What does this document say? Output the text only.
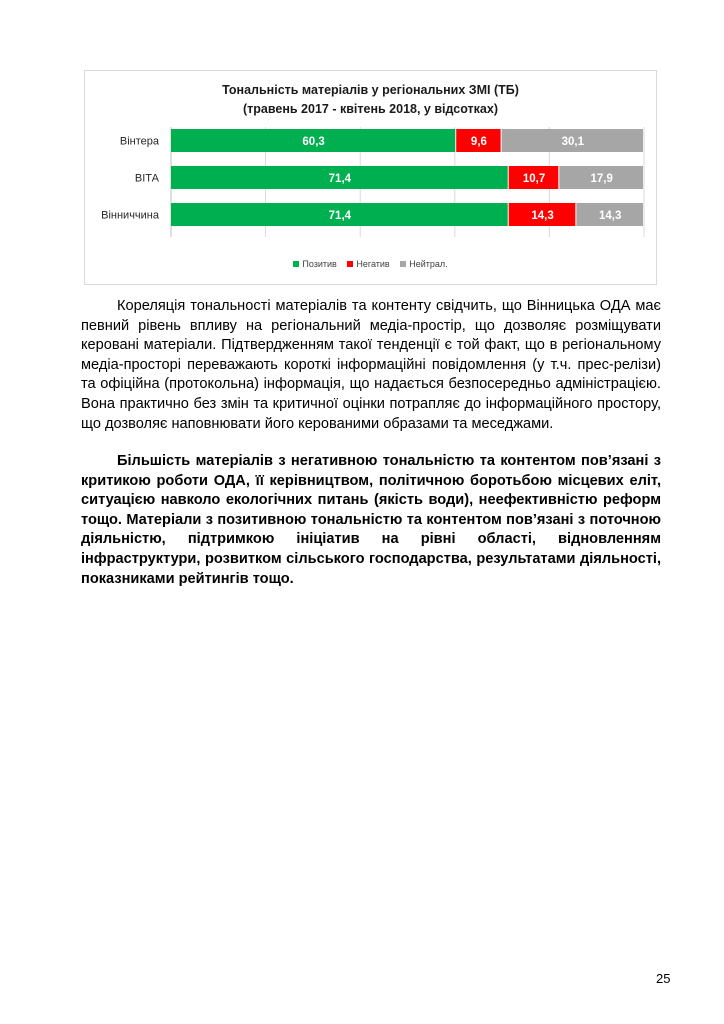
Тональність матеріалів у регіональних ЗМІ (ТБ)
(травень 2017 - квітень 2018, у відсотках)
Вінтера	60,3	9,6	30,1
ВІТА	71,4	10,7	17,9
Вінниччина	71,4	14,3	14,3
Позитив Негатив Нейтрал.

Кореляція тональності матеріалів та контенту свідчить, що Вінницька ОДА має певний рівень впливу на регіональний медіа-простір, що дозволяє розміщувати керовані матеріали. Підтвердженням такої тенденції є той факт, що в регіональному медіа-просторі переважають короткі інформаційні повідомлення (у т.ч. прес-релізи) та офіційна (протокольна) інформація, що надається безпосередньо адміністрацією. Вона практично без змін та критичної оцінки потрапляє до інформаційного простору, що дозволяє наповнювати його керованими образами та меседжами.

Більшість матеріалів з негативною тональністю та контентом пов’язані з критикою роботи ОДА, її керівництвом, політичною боротьбою місцевих еліт, ситуацією навколо екологічних питань (якість води), неефективністю реформ тощо. Матеріали з позитивною тональністю та контентом пов’язані з поточною діяльністю, підтримкою ініціатив на рівні області, відновленням інфраструктури, розвитком сільського господарства, результатами діяльності, показниками рейтингів тощо.

25
